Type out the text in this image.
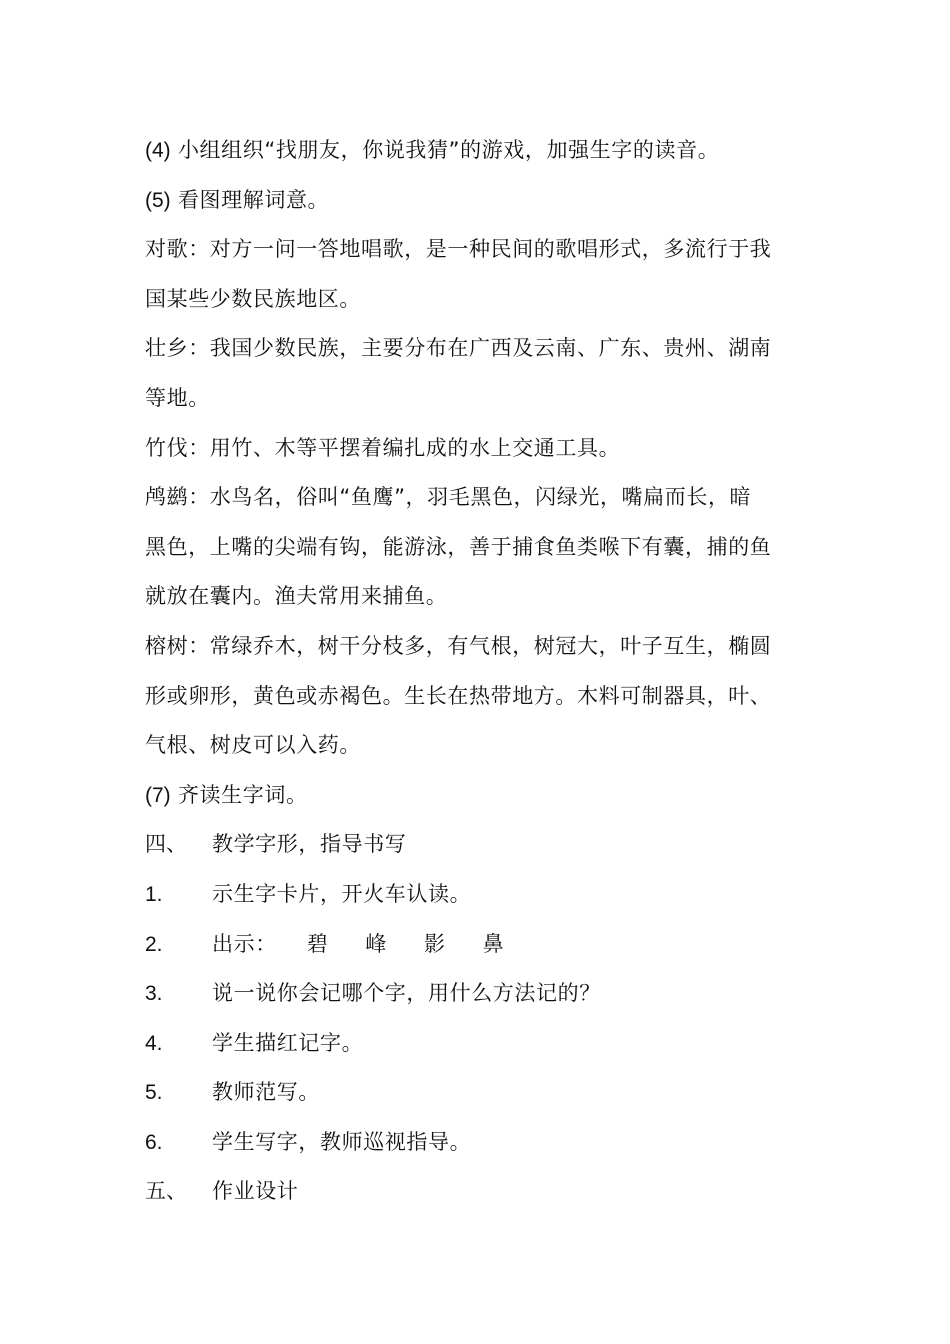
(4) 小组组织“找朋友，你说我猜”的游戏，加强生字的读音。
(5) 看图理解词意。
对歌：对方一问一答地唱歌，是一种民间的歌唱形式，多流行于我
国某些少数民族地区。
壮乡：我国少数民族，主要分布在广西及云南、广东、贵州、湖南
等地。
竹伐：用竹、木等平摆着编扎成的水上交通工具。
鸬鹚：水鸟名，俗叫“鱼鹰”，羽毛黑色，闪绿光，嘴扁而长，暗
黑色，上嘴的尖端有钩，能游泳，善于捕食鱼类喉下有囊，捕的鱼
就放在囊内。渔夫常用来捕鱼。
榕树：常绿乔木，树干分枝多，有气根，树冠大，叶子互生，椭圆
形或卵形，黄色或赤褐色。生长在热带地方。木料可制器具，叶、
气根、树皮可以入药。
(7) 齐读生字词。
四、	教学字形，指导书写
1.	示生字卡片，开火车认读。
2.	出示： 碧 峰 影 鼻
3.	说一说你会记哪个字，用什么方法记的？
4.	学生描红记字。
5.	教师范写。
6.	学生写字，教师巡视指导。
五、	作业设计
